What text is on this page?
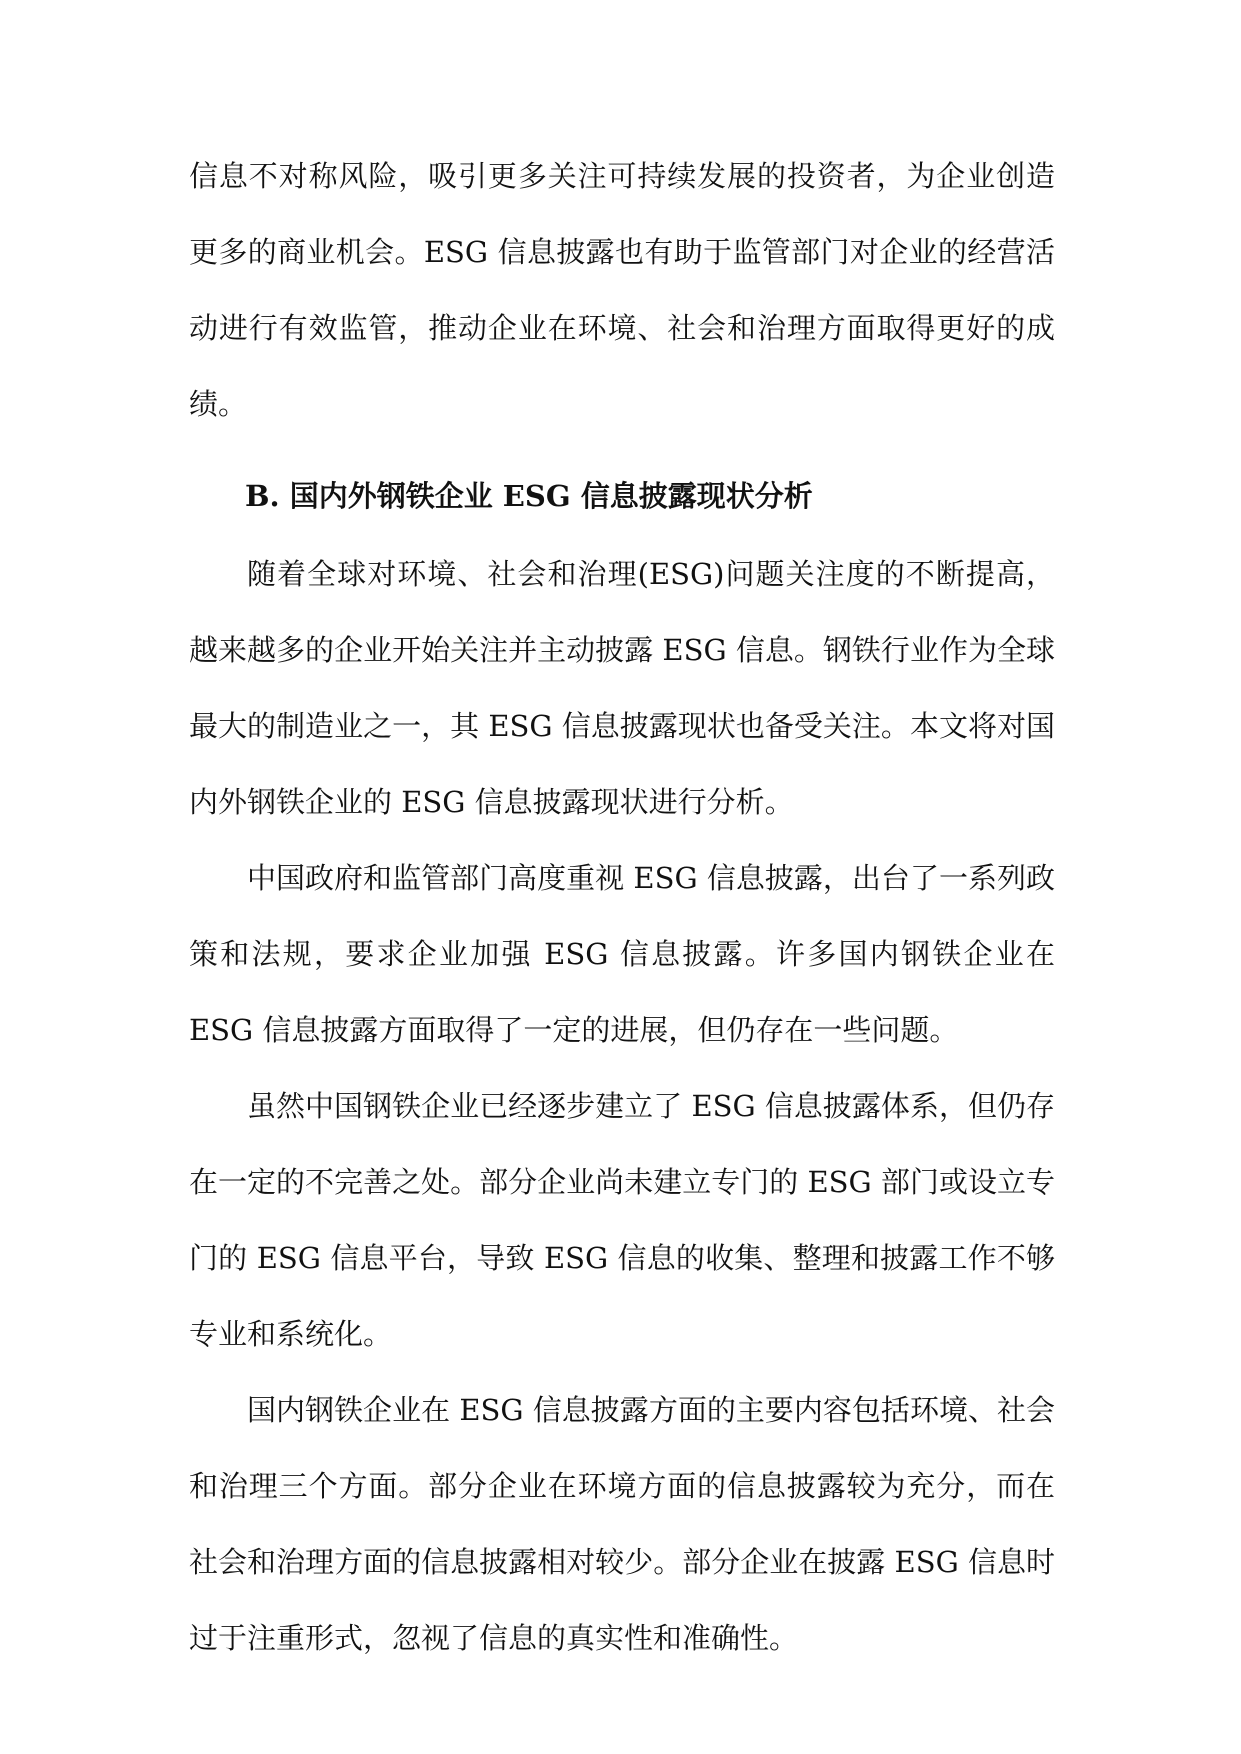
信息不对称风险，吸引更多关注可持续发展的投资者，为企业创造更多的商业机会。ESG 信息披露也有助于监管部门对企业的经营活动进行有效监管，推动企业在环境、社会和治理方面取得更好的成绩。

B. 国内外钢铁企业 ESG 信息披露现状分析

随着全球对环境、社会和治理(ESG)问题关注度的不断提高，越来越多的企业开始关注并主动披露 ESG 信息。钢铁行业作为全球最大的制造业之一，其 ESG 信息披露现状也备受关注。本文将对国内外钢铁企业的 ESG 信息披露现状进行分析。

中国政府和监管部门高度重视 ESG 信息披露，出台了一系列政策和法规，要求企业加强 ESG 信息披露。许多国内钢铁企业在 ESG 信息披露方面取得了一定的进展，但仍存在一些问题。

虽然中国钢铁企业已经逐步建立了 ESG 信息披露体系，但仍存在一定的不完善之处。部分企业尚未建立专门的 ESG 部门或设立专门的 ESG 信息平台，导致 ESG 信息的收集、整理和披露工作不够专业和系统化。

国内钢铁企业在 ESG 信息披露方面的主要内容包括环境、社会和治理三个方面。部分企业在环境方面的信息披露较为充分，而在社会和治理方面的信息披露相对较少。部分企业在披露 ESG 信息时过于注重形式，忽视了信息的真实性和准确性。
